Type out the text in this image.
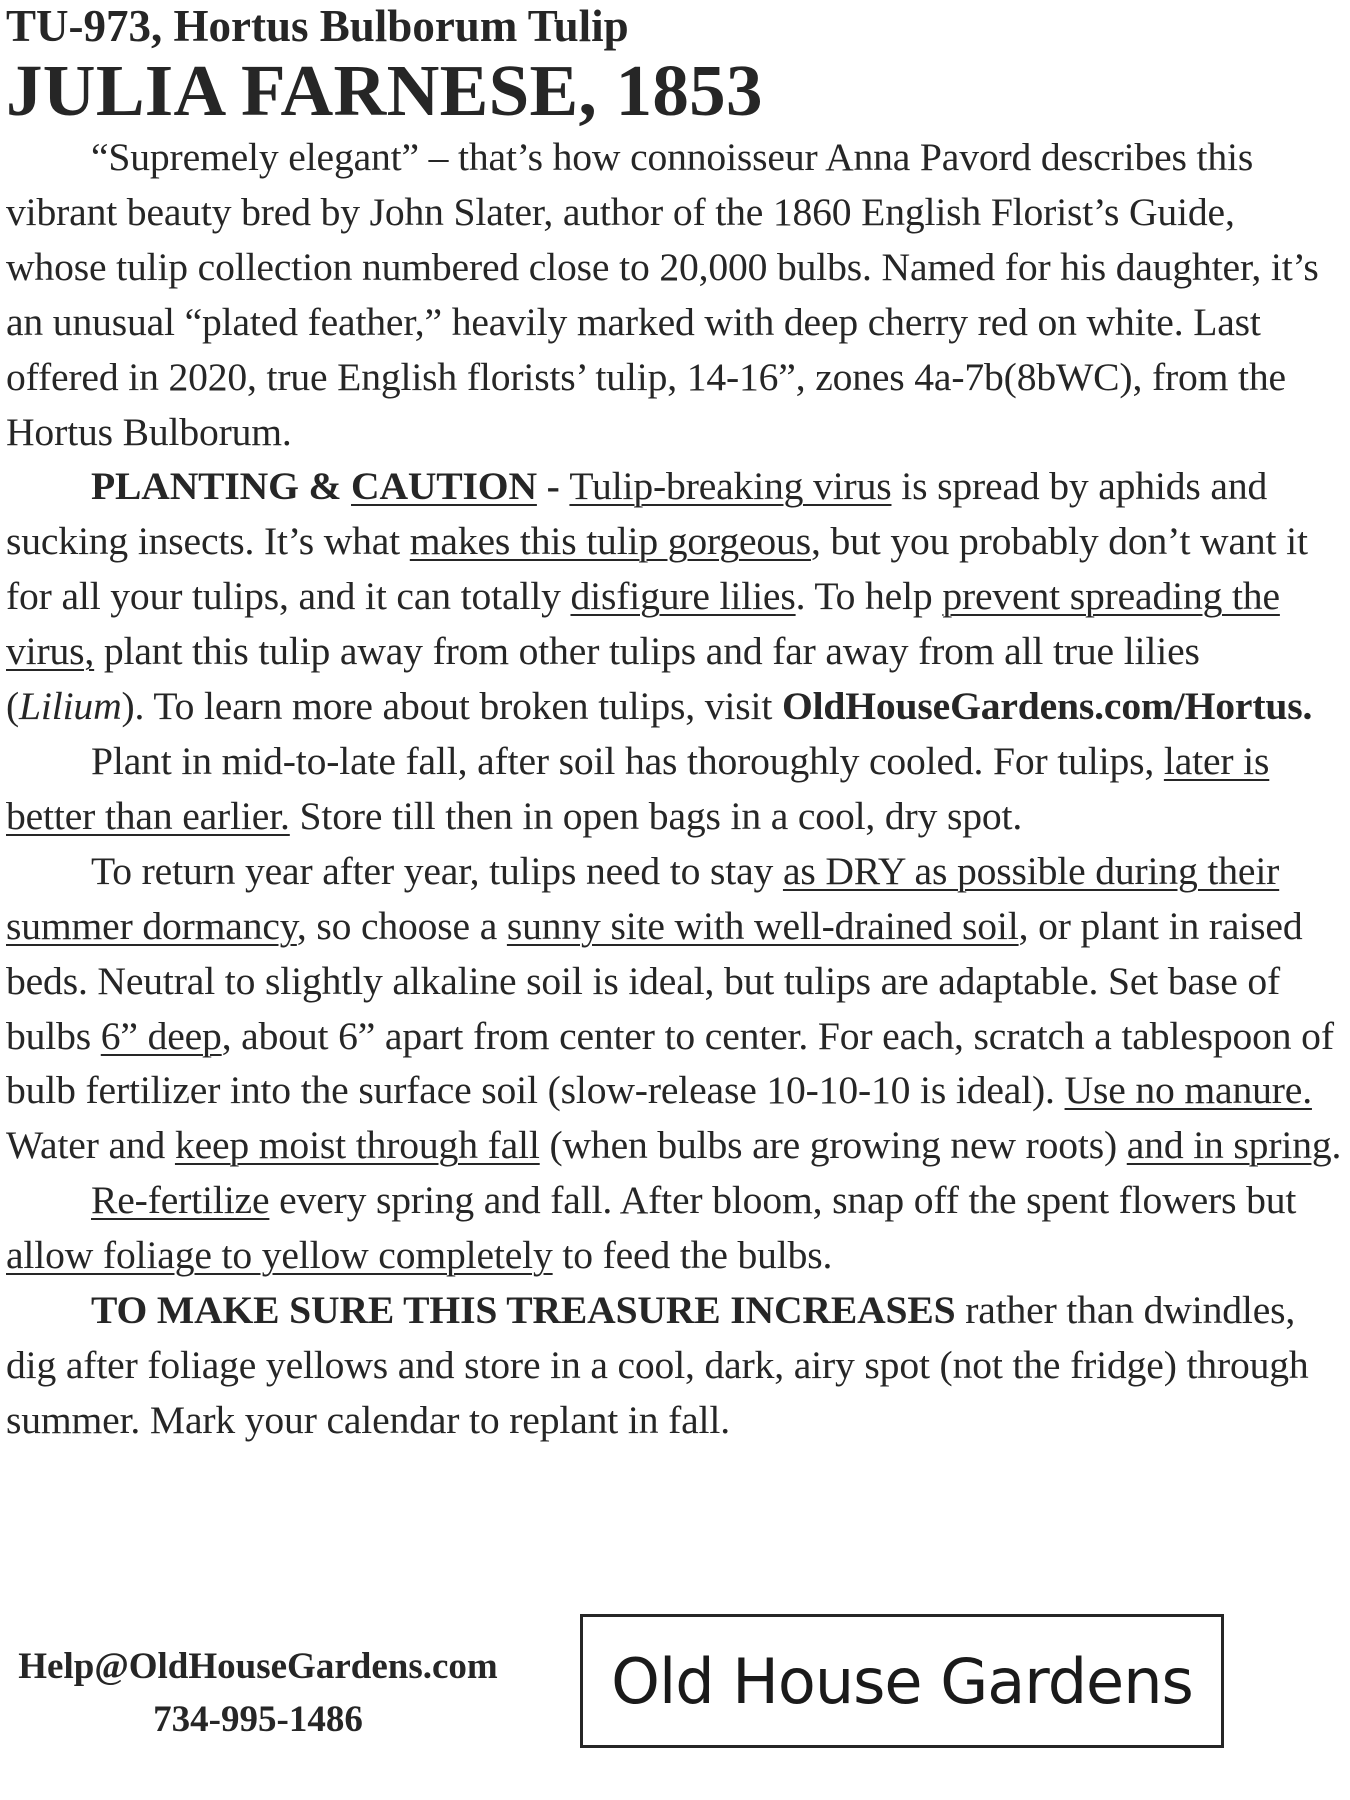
TU-973, Hortus Bulborum Tulip
JULIA FARNESE, 1853

“Supremely elegant” – that’s how connoisseur Anna Pavord describes this vibrant beauty bred by John Slater, author of the 1860 English Florist’s Guide, whose tulip collection numbered close to 20,000 bulbs. Named for his daughter, it’s an unusual “plated feather,” heavily marked with deep cherry red on white. Last offered in 2020, true English florists’ tulip, 14-16”, zones 4a-7b(8bWC), from the Hortus Bulborum.

PLANTING & CAUTION - Tulip-breaking virus is spread by aphids and sucking insects. It’s what makes this tulip gorgeous, but you probably don’t want it for all your tulips, and it can totally disfigure lilies. To help prevent spreading the virus, plant this tulip away from other tulips and far away from all true lilies (Lilium). To learn more about broken tulips, visit OldHouseGardens.com/Hortus.

Plant in mid-to-late fall, after soil has thoroughly cooled. For tulips, later is better than earlier. Store till then in open bags in a cool, dry spot.

To return year after year, tulips need to stay as DRY as possible during their summer dormancy, so choose a sunny site with well-drained soil, or plant in raised beds. Neutral to slightly alkaline soil is ideal, but tulips are adaptable. Set base of bulbs 6” deep, about 6” apart from center to center. For each, scratch a tablespoon of bulb fertilizer into the surface soil (slow-release 10-10-10 is ideal). Use no manure. Water and keep moist through fall (when bulbs are growing new roots) and in spring.

Re-fertilize every spring and fall. After bloom, snap off the spent flowers but allow foliage to yellow completely to feed the bulbs.

TO MAKE SURE THIS TREASURE INCREASES rather than dwindles, dig after foliage yellows and store in a cool, dark, airy spot (not the fridge) through summer. Mark your calendar to replant in fall.

Help@OldHouseGardens.com
734-995-1486
Old House Gardens
